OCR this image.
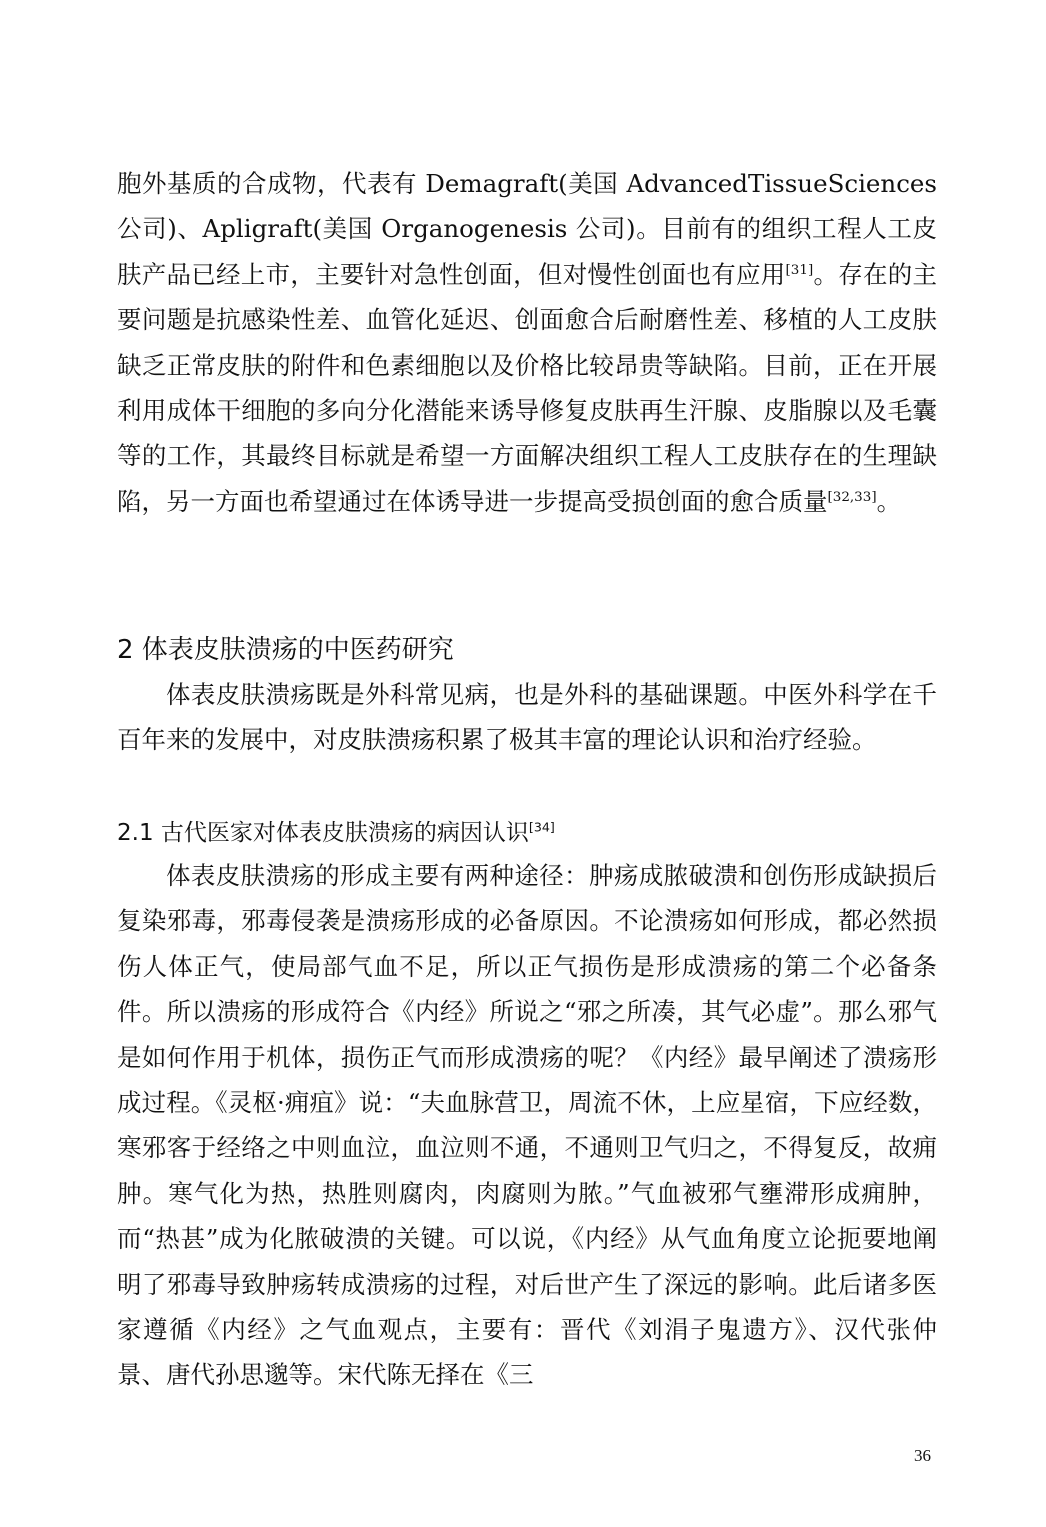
胞外基质的合成物，代表有 Demagraft(美国 AdvancedTissueSciences 公司)、Apligraft(美国 Organogenesis 公司)。目前有的组织工程人工皮肤产品已经上市，主要针对急性创面，但对慢性创面也有应用[31]。存在的主要问题是抗感染性差、血管化延迟、创面愈合后耐磨性差、移植的人工皮肤缺乏正常皮肤的附件和色素细胞以及价格比较昂贵等缺陷。目前，正在开展利用成体干细胞的多向分化潜能来诱导修复皮肤再生汗腺、皮脂腺以及毛囊等的工作，其最终目标就是希望一方面解决组织工程人工皮肤存在的生理缺陷，另一方面也希望通过在体诱导进一步提高受损创面的愈合质量[32,33]。

2 体表皮肤溃疡的中医药研究

体表皮肤溃疡既是外科常见病，也是外科的基础课题。中医外科学在千百年来的发展中，对皮肤溃疡积累了极其丰富的理论认识和治疗经验。

2.1 古代医家对体表皮肤溃疡的病因认识[34]

体表皮肤溃疡的形成主要有两种途径：肿疡成脓破溃和创伤形成缺损后复染邪毒，邪毒侵袭是溃疡形成的必备原因。不论溃疡如何形成，都必然损伤人体正气，使局部气血不足，所以正气损伤是形成溃疡的第二个必备条件。所以溃疡的形成符合《内经》所说之“邪之所凑，其气必虚”。那么邪气是如何作用于机体，损伤正气而形成溃疡的呢？《内经》最早阐述了溃疡形成过程。《灵枢·痈疽》说：“夫血脉营卫，周流不休，上应星宿，下应经数，寒邪客于经络之中则血泣，血泣则不通，不通则卫气归之，不得复反，故痈肿。寒气化为热，热胜则腐肉，肉腐则为脓。”气血被邪气壅滞形成痈肿，而“热甚”成为化脓破溃的关键。可以说，《内经》从气血角度立论扼要地阐明了邪毒导致肿疡转成溃疡的过程，对后世产生了深远的影响。此后诸多医家遵循《内经》之气血观点，主要有：晋代《刘涓子鬼遗方》、汉代张仲景、唐代孙思邈等。宋代陈无择在《三

36
